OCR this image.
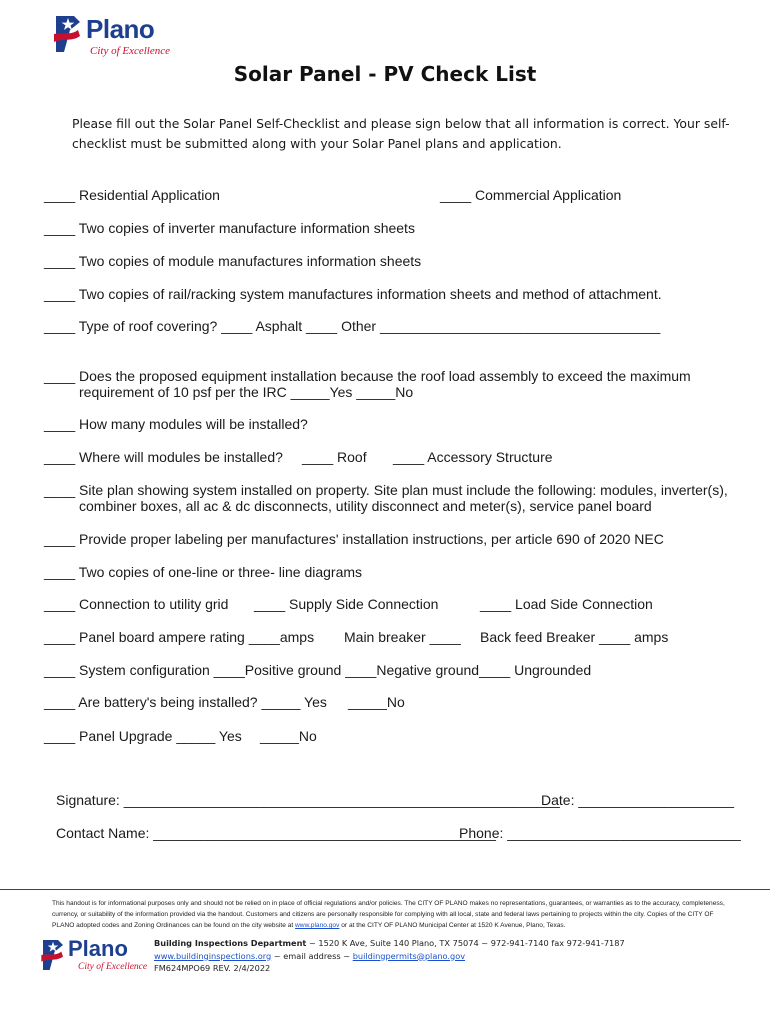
Plano
City of Excellence
Solar Panel - PV Check List
Please fill out the Solar Panel Self-Checklist and please sign below that all information is correct. Your self-checklist must be submitted along with your Solar Panel plans and application.
____ Residential Application	____ Commercial Application
____ Two copies of inverter manufacture information sheets
____ Two copies of module manufactures information sheets
____ Two copies of rail/racking system manufactures information sheets and method of attachment.
____ Type of roof covering? ____ Asphalt ____ Other ____________________________________
____ Does the proposed equipment installation because the roof load assembly to exceed the maximum
requirement of 10 psf per the IRC _____Yes _____No
____ How many modules will be installed?
____ Where will modules be installed? ____ Roof ____ Accessory Structure
____ Site plan showing system installed on property. Site plan must include the following: modules, inverter(s),
combiner boxes, all ac & dc disconnects, utility disconnect and meter(s), service panel board
____ Provide proper labeling per manufactures' installation instructions, per article 690 of 2020 NEC
____ Two copies of one-line or three- line diagrams
____ Connection to utility grid ____ Supply Side Connection	____ Load Side Connection
____ Panel board ampere rating ____amps Main breaker ____ Back feed Breaker ____ amps
____ System configuration ____Positive ground ____Negative ground____ Ungrounded
____ Are battery's being installed? _____ Yes _____No
____ Panel Upgrade _____ Yes _____No
Signature: ________________________________________________________
Date: ____________________
Contact Name: ____________________________________________
Phone: ______________________________
This handout is for informational purposes only and should not be relied on in place of official regulations and/or policies. The CITY OF PLANO makes no representations, guarantees, or warranties as to the accuracy, completeness, currency, or suitability of the information provided via the handout. Customers and citizens are personally responsible for complying with all local, state and federal laws pertaining to projects within the city. Copies of the CITY OF PLANO adopted codes and Zoning Ordinances can be found on the city website at www.plano.gov or at the CITY OF PLANO Municipal Center at 1520 K Avenue, Plano, Texas.
Plano
City of Excellence
Building Inspections Department ~ 1520 K Ave, Suite 140 Plano, TX 75074 ~ 972-941-7140 fax 972-941-7187
www.buildinginspections.org ~ email address ~ buildingpermits@plano.gov
FM624MPO69 REV. 2/4/2022
